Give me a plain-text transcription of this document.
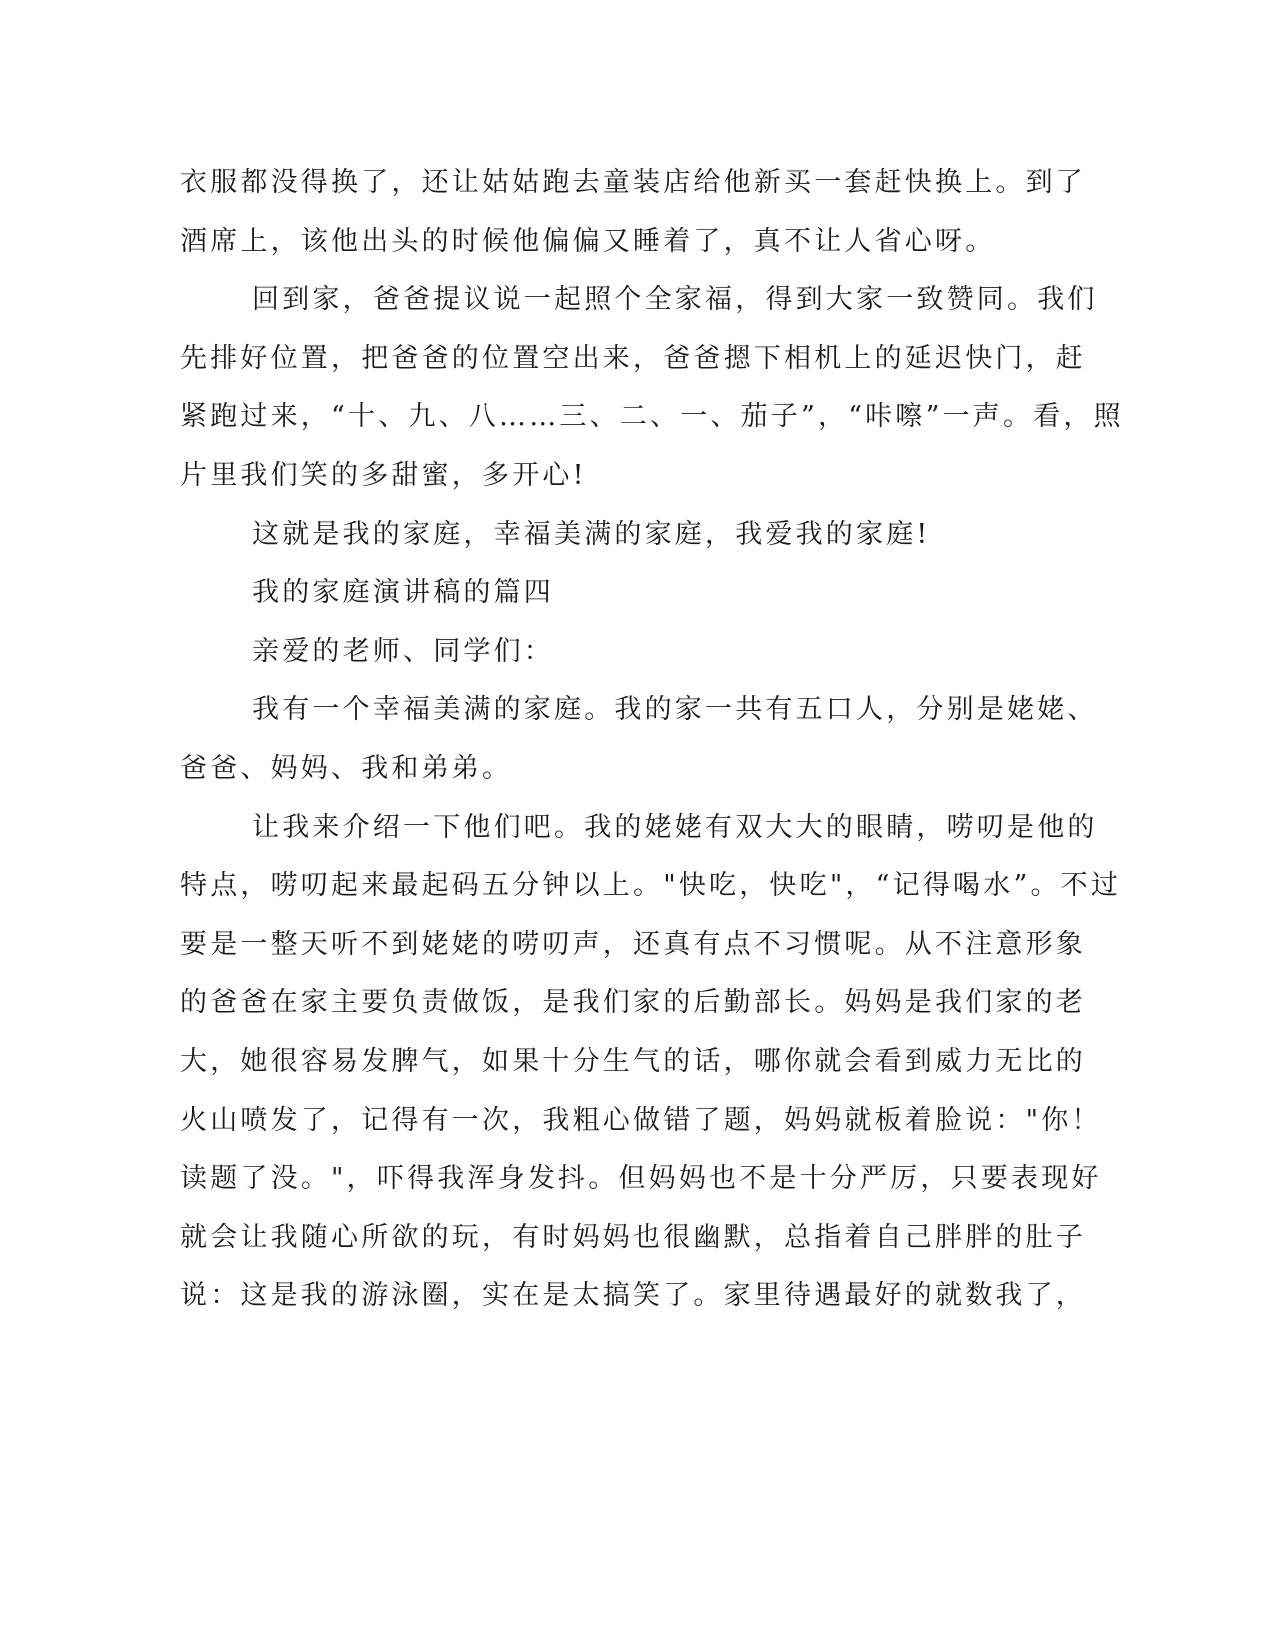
衣服都没得换了，还让姑姑跑去童装店给他新买一套赶快换上。到了
酒席上，该他出头的时候他偏偏又睡着了，真不让人省心呀。

回到家，爸爸提议说一起照个全家福，得到大家一致赞同。我们
先排好位置，把爸爸的位置空出来，爸爸摁下相机上的延迟快门，赶
紧跑过来，“十、九、八……三、二、一、茄子”，“咔嚓”一声。看，照
片里我们笑的多甜蜜，多开心!

这就是我的家庭，幸福美满的家庭，我爱我的家庭!

我的家庭演讲稿的篇四

亲爱的老师、同学们：

我有一个幸福美满的家庭。我的家一共有五口人，分别是姥姥、
爸爸、妈妈、我和弟弟。

让我来介绍一下他们吧。我的姥姥有双大大的眼睛，唠叨是他的
特点，唠叨起来最起码五分钟以上。"快吃，快吃"，“记得喝水”。不过
要是一整天听不到姥姥的唠叨声，还真有点不习惯呢。从不注意形象
的爸爸在家主要负责做饭，是我们家的后勤部长。妈妈是我们家的老
大，她很容易发脾气，如果十分生气的话，哪你就会看到威力无比的
火山喷发了，记得有一次，我粗心做错了题，妈妈就板着脸说："你！
读题了没。"，吓得我浑身发抖。但妈妈也不是十分严厉，只要表现好
就会让我随心所欲的玩，有时妈妈也很幽默，总指着自己胖胖的肚子
说：这是我的游泳圈，实在是太搞笑了。家里待遇最好的就数我了，
